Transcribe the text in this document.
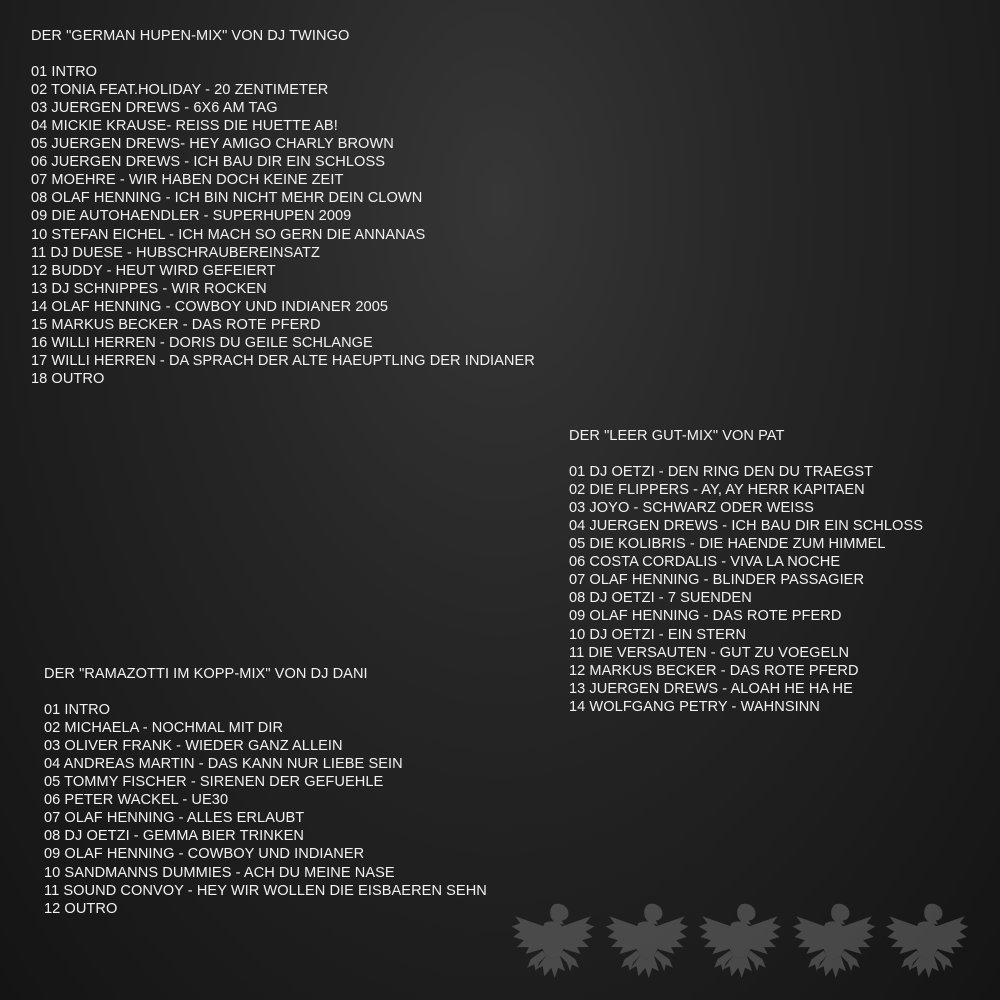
DER "GERMAN HUPEN-MIX" VON DJ TWINGO
01 INTRO
02 TONIA FEAT.HOLIDAY - 20 ZENTIMETER
03 JUERGEN DREWS - 6X6 AM TAG
04 MICKIE KRAUSE- REISS DIE HUETTE AB!
05 JUERGEN DREWS- HEY AMIGO CHARLY BROWN
06 JUERGEN DREWS - ICH BAU DIR EIN SCHLOSS
07 MOEHRE - WIR HABEN DOCH KEINE ZEIT
08 OLAF HENNING - ICH BIN NICHT MEHR DEIN CLOWN
09 DIE AUTOHAENDLER - SUPERHUPEN 2009
10 STEFAN EICHEL - ICH MACH SO GERN DIE ANNANAS
11 DJ DUESE - HUBSCHRAUBEREINSATZ
12 BUDDY - HEUT WIRD GEFEIERT
13 DJ SCHNIPPES - WIR ROCKEN
14 OLAF HENNING - COWBOY UND INDIANER 2005
15 MARKUS BECKER - DAS ROTE PFERD
16 WILLI HERREN - DORIS DU GEILE SCHLANGE
17 WILLI HERREN - DA SPRACH DER ALTE HAEUPTLING DER INDIANER
18 OUTRO
DER "LEER GUT-MIX" VON PAT
01 DJ OETZI - DEN RING DEN DU TRAEGST
02 DIE FLIPPERS - AY, AY HERR KAPITAEN
03 JOYO - SCHWARZ ODER WEISS
04 JUERGEN DREWS - ICH BAU DIR EIN SCHLOSS
05 DIE KOLIBRIS - DIE HAENDE ZUM HIMMEL
06 COSTA CORDALIS - VIVA LA NOCHE
07 OLAF HENNING - BLINDER PASSAGIER
08 DJ OETZI - 7 SUENDEN
09 OLAF HENNING - DAS ROTE PFERD
10 DJ OETZI - EIN STERN
11 DIE VERSAUTEN - GUT ZU VOEGELN
12 MARKUS BECKER - DAS ROTE PFERD
13 JUERGEN DREWS - ALOAH HE HA HE
14 WOLFGANG PETRY - WAHNSINN
DER "RAMAZOTTI IM KOPP-MIX" VON DJ DANI
01 INTRO
02 MICHAELA - NOCHMAL MIT DIR
03 OLIVER FRANK - WIEDER GANZ ALLEIN
04 ANDREAS MARTIN - DAS KANN NUR LIEBE SEIN
05 TOMMY FISCHER - SIRENEN DER GEFUEHLE
06 PETER WACKEL - UE30
07 OLAF HENNING - ALLES ERLAUBT
08 DJ OETZI - GEMMA BIER TRINKEN
09 OLAF HENNING - COWBOY UND INDIANER
10 SANDMANNS DUMMIES - ACH DU MEINE NASE
11 SOUND CONVOY - HEY WIR WOLLEN DIE EISBAEREN SEHN
12 OUTRO
